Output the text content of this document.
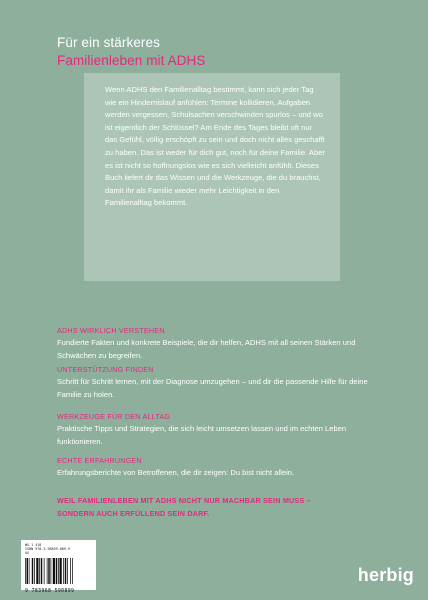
Für ein stärkeres
Familienleben mit ADHS

Wenn ADHS den Familienalltag bestimmt, kann sich jeder Tag wie ein Hindernislauf anfühlen: Termine kollidieren, Aufgaben werden vergessen, Schulsachen verschwinden spurlos – und wo ist eigentlich der Schlüssel? Am Ende des Tages bleibt oft nur das Gefühl, völlig erschöpft zu sein und doch nicht alles geschafft zu haben. Das ist weder für dich gut, noch für deine Familie. Aber es ist nicht so hoffnungslos wie es sich vielleicht anfühlt. Dieses Buch liefert dir das Wissen und die Werkzeuge, die du brauchst, damit ihr als Familie wieder mehr Leichtigkeit in den Familienalltag bekommt.

ADHS WIRKLICH VERSTEHEN
Fundierte Fakten und konkrete Beispiele, die dir helfen, ADHS mit all seinen Stärken und Schwächen zu begreifen.
UNTERSTÜTZUNG FINDEN
Schritt für Schritt lernen, mit der Diagnose umzugehen – und dir die passende Hilfe für deine Familie zu holen.
WERKZEUGE FÜR DEN ALLTAG
Praktische Tipps und Strategien, die sich leicht umsetzen lassen und im echten Leben funktionieren.
ECHTE ERFAHRUNGEN
Erfahrungsberichte von Betroffenen, die dir zeigen: Du bist nicht allein.
WEIL FAMILIENLEBEN MIT ADHS NICHT NUR MACHBAR SEIN MUSS –
SONDERN AUCH ERFÜLLEND SEIN DARF.
WG 1 418
ISBN 978-3-96859-089-9
AV
9 783968 590899
herbig
